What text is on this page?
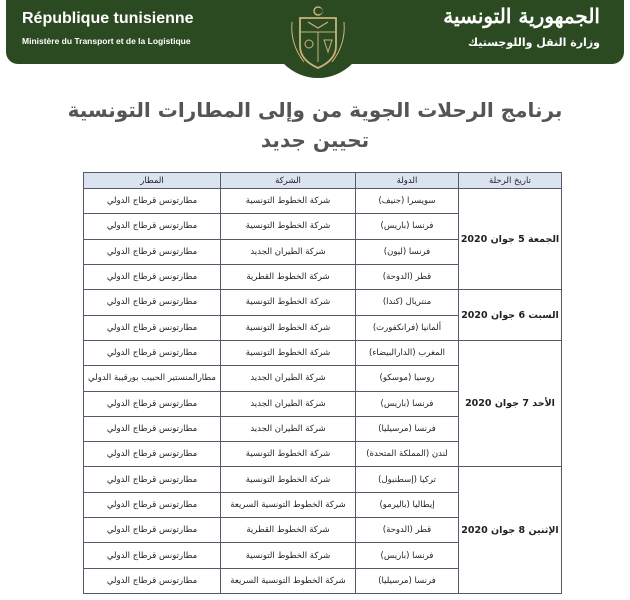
République tunisienne
Ministère du Transport et de la Logistique
الجمهورية التونسية
وزارة النقل واللوجستيك
برنامج الرحلات الجوية من وإلى المطارات التونسية
تحيين جديد
تاريخ الرحلة	الدولة	الشركة	المطار
الجمعة 5 جوان 2020	سويسرا (جنيف)	شركة الخطوط التونسية	مطارتونس قرطاج الدولي
	فرنسا (باريس)	شركة الخطوط التونسية	مطارتونس قرطاج الدولي
	فرنسا (ليون)	شركة الطيران الجديد	مطارتونس قرطاج الدولي
	قطر (الدوحة)	شركة الخطوط القطرية	مطارتونس قرطاج الدولي
السبت 6 جوان 2020	منتريال (كندا)	شركة الخطوط التونسية	مطارتونس قرطاج الدولي
	ألمانيا (فرانكفورت)	شركة الخطوط التونسية	مطارتونس قرطاج الدولي
الأحد 7 جوان 2020	المغرب (الدارالبيضاء)	شركة الخطوط التونسية	مطارتونس قرطاج الدولي
	روسيا (موسكو)	شركة الطيران الجديد	مطارالمنستير الحبيب بورقيبة الدولي
	فرنسا (باريس)	شركة الطيران الجديد	مطارتونس قرطاج الدولي
	فرنسا (مرسيليا)	شركة الطيران الجديد	مطارتونس قرطاج الدولي
	لندن (المملكة المتحدة)	شركة الخطوط التونسية	مطارتونس قرطاج الدولي
الإثنين 8 جوان 2020	تركيا (إسطنبول)	شركة الخطوط التونسية	مطارتونس قرطاج الدولي
	إيطاليا (باليرمو)	شركة الخطوط التونسية السريعة	مطارتونس قرطاج الدولي
	قطر (الدوحة)	شركة الخطوط القطرية	مطارتونس قرطاج الدولي
	فرنسا (باريس)	شركة الخطوط التونسية	مطارتونس قرطاج الدولي
	فرنسا (مرسيليا)	شركة الخطوط التونسية السريعة	مطارتونس قرطاج الدولي
